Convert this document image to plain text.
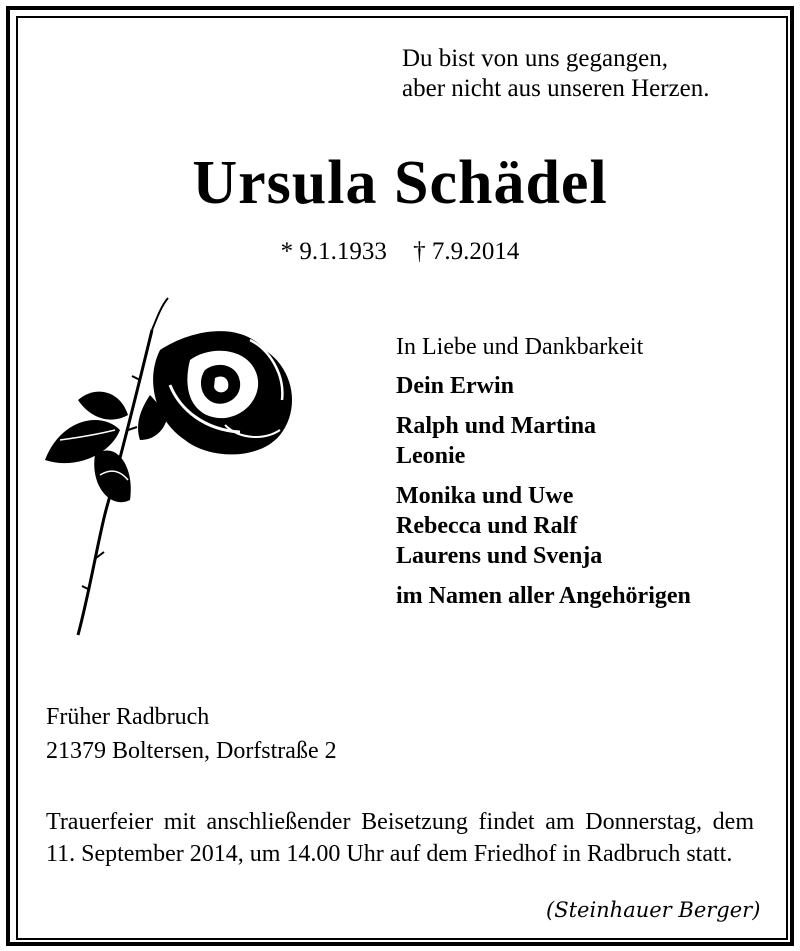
Du bist von uns gegangen,
aber nicht aus unseren Herzen.
Ursula Schädel
* 9.1.1933 † 7.9.2014
In Liebe und Dankbarkeit
Dein Erwin
Ralph und Martina
Leonie
Monika und Uwe
Rebecca und Ralf
Laurens und Svenja
im Namen aller Angehörigen
Früher Radbruch
21379 Boltersen, Dorfstraße 2
Trauerfeier mit anschließender Beisetzung findet am Donnerstag, dem 11. September 2014, um 14.00 Uhr auf dem Friedhof in Radbruch statt.
(Steinhauer Berger)
